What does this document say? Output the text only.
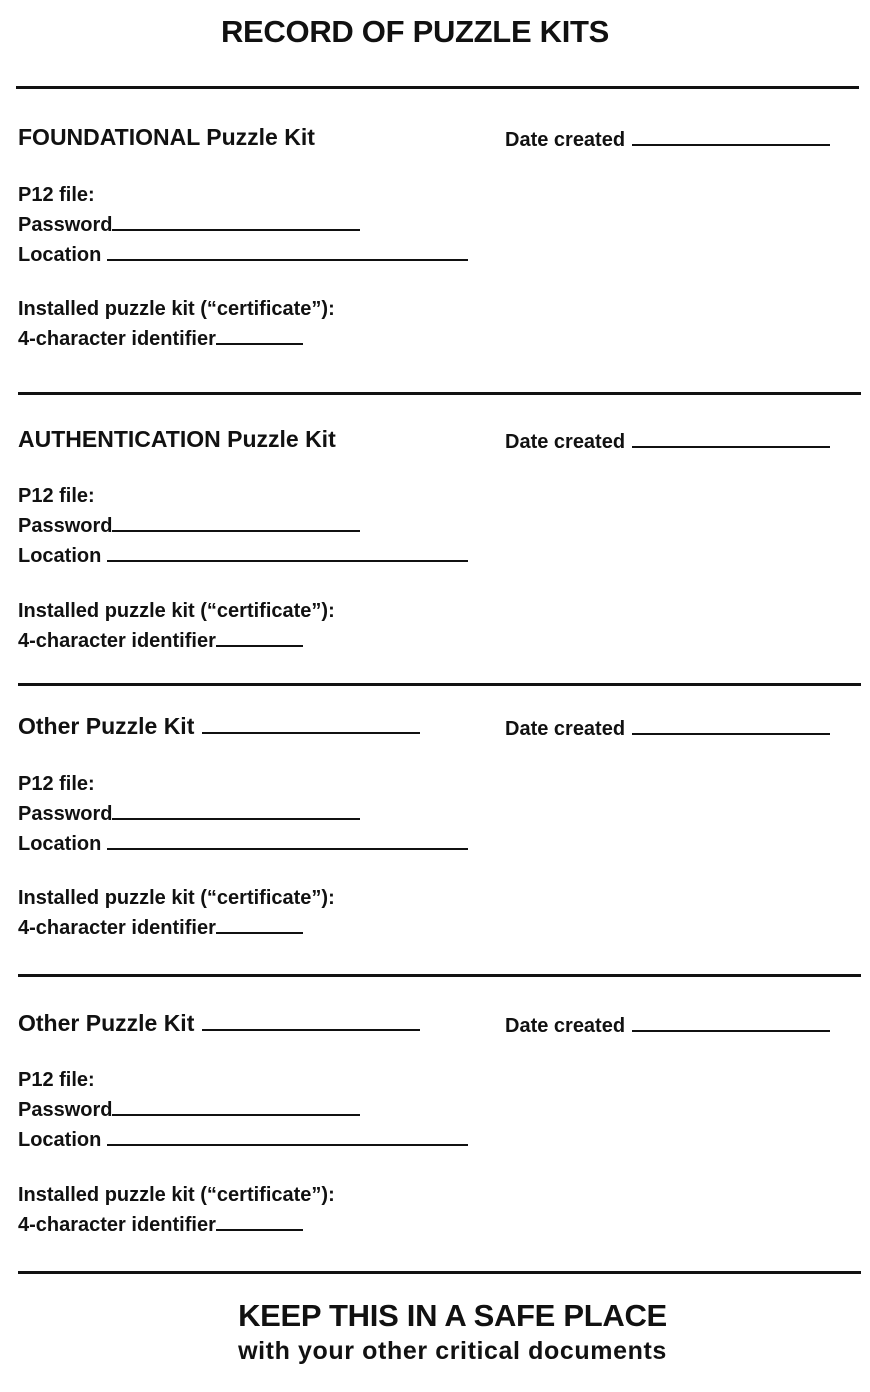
RECORD OF PUZZLE KITS
FOUNDATIONAL Puzzle Kit	Date created
P12 file:
Password
Location
Installed puzzle kit (“certificate”):
4-character identifier
AUTHENTICATION Puzzle Kit	Date created
P12 file:
Password
Location
Installed puzzle kit (“certificate”):
4-character identifier
Other Puzzle Kit	Date created
P12 file:
Password
Location
Installed puzzle kit (“certificate”):
4-character identifier
Other Puzzle Kit	Date created
P12 file:
Password
Location
Installed puzzle kit (“certificate”):
4-character identifier
KEEP THIS IN A SAFE PLACE
with your other critical documents
